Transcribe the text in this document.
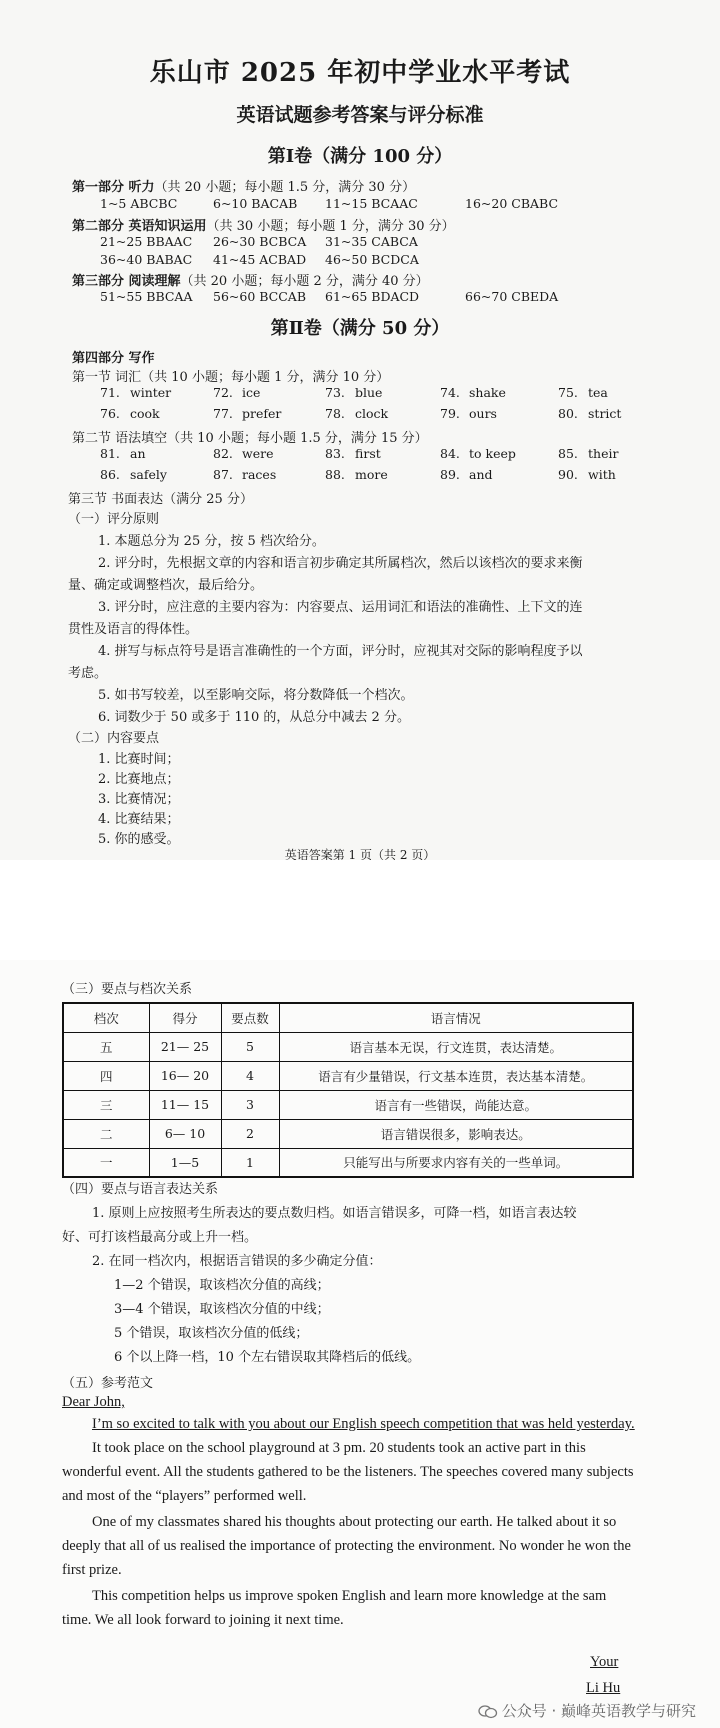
乐山市 2025 年初中学业水平考试
英语试题参考答案与评分标准
第Ⅰ卷（满分 100 分）
第一部分 听力（共 20 小题；每小题 1.5 分，满分 30 分）
1~5 ABCBC	6~10 BACAB 11~15 BCAAC	16~20 CBABC
第二部分 英语知识运用（共 30 小题；每小题 1 分，满分 30 分）
21~25 BBAAC 26~30 BCBCA 31~35 CABCA
36~40 BABAC 41~45 ACBAD 46~50 BCDCA
第三部分 阅读理解（共 20 小题；每小题 2 分，满分 40 分）
51~55 BBCAA 56~60 BCCAB 61~65 BDACD	66~70 CBEDA
第Ⅱ卷（满分 50 分）
第四部分 写作
第一节 词汇（共 10 小题；每小题 1 分，满分 10 分）
71. winter	72. ice	73. blue	74. shake	75. tea
76. cook	77. prefer	78. clock	79. ours	80. strict
第二节 语法填空（共 10 小题；每小题 1.5 分，满分 15 分）
81. an	82. were	83. first	84. to keep	85. their
86. safely	87. races	88. more	89. and	90. with
第三节 书面表达（满分 25 分）
（一）评分原则
1. 本题总分为 25 分，按 5 档次给分。
2. 评分时，先根据文章的内容和语言初步确定其所属档次，然后以该档次的要求来衡
量、确定或调整档次，最后给分。
3. 评分时，应注意的主要内容为：内容要点、运用词汇和语法的准确性、上下文的连
贯性及语言的得体性。
4. 拼写与标点符号是语言准确性的一个方面，评分时，应视其对交际的影响程度予以
考虑。
5. 如书写较差，以至影响交际，将分数降低一个档次。
6. 词数少于 50 或多于 110 的，从总分中减去 2 分。
（二）内容要点
1. 比赛时间；
2. 比赛地点；
3. 比赛情况；
4. 比赛结果；
5. 你的感受。
英语答案第 1 页（共 2 页）
（三）要点与档次关系
档次	得分	要点数	语言情况
五	21— 25	5	语言基本无误，行文连贯，表达清楚。
四	16— 20	4	语言有少量错误，行文基本连贯，表达基本清楚。
三	11— 15	3	语言有一些错误，尚能达意。
二	6— 10	2	语言错误很多，影响表达。
一	1—5	1	只能写出与所要求内容有关的一些单词。
（四）要点与语言表达关系
1. 原则上应按照考生所表达的要点数归档。如语言错误多，可降一档，如语言表达较
好、可打该档最高分或上升一档。
2. 在同一档次内，根据语言错误的多少确定分值：
1—2 个错误，取该档次分值的高线；
3—4 个错误，取该档次分值的中线；
5 个错误，取该档次分值的低线；
6 个以上降一档，10 个左右错误取其降档后的低线。
（五）参考范文
Dear John,
I’m so excited to talk with you about our English speech competition that was held yesterday.
It took place on the school playground at 3 pm. 20 students took an active part in this
wonderful event. All the students gathered to be the listeners. The speeches covered many subjects
and most of the “players” performed well.
One of my classmates shared his thoughts about protecting our earth. He talked about it so
deeply that all of us realised the importance of protecting the environment. No wonder he won the
first prize.
This competition helps us improve spoken English and learn more knowledge at the sam
time. We all look forward to joining it next time.
Your
Li Hu
公众号 · 巅峰英语教学与研究
